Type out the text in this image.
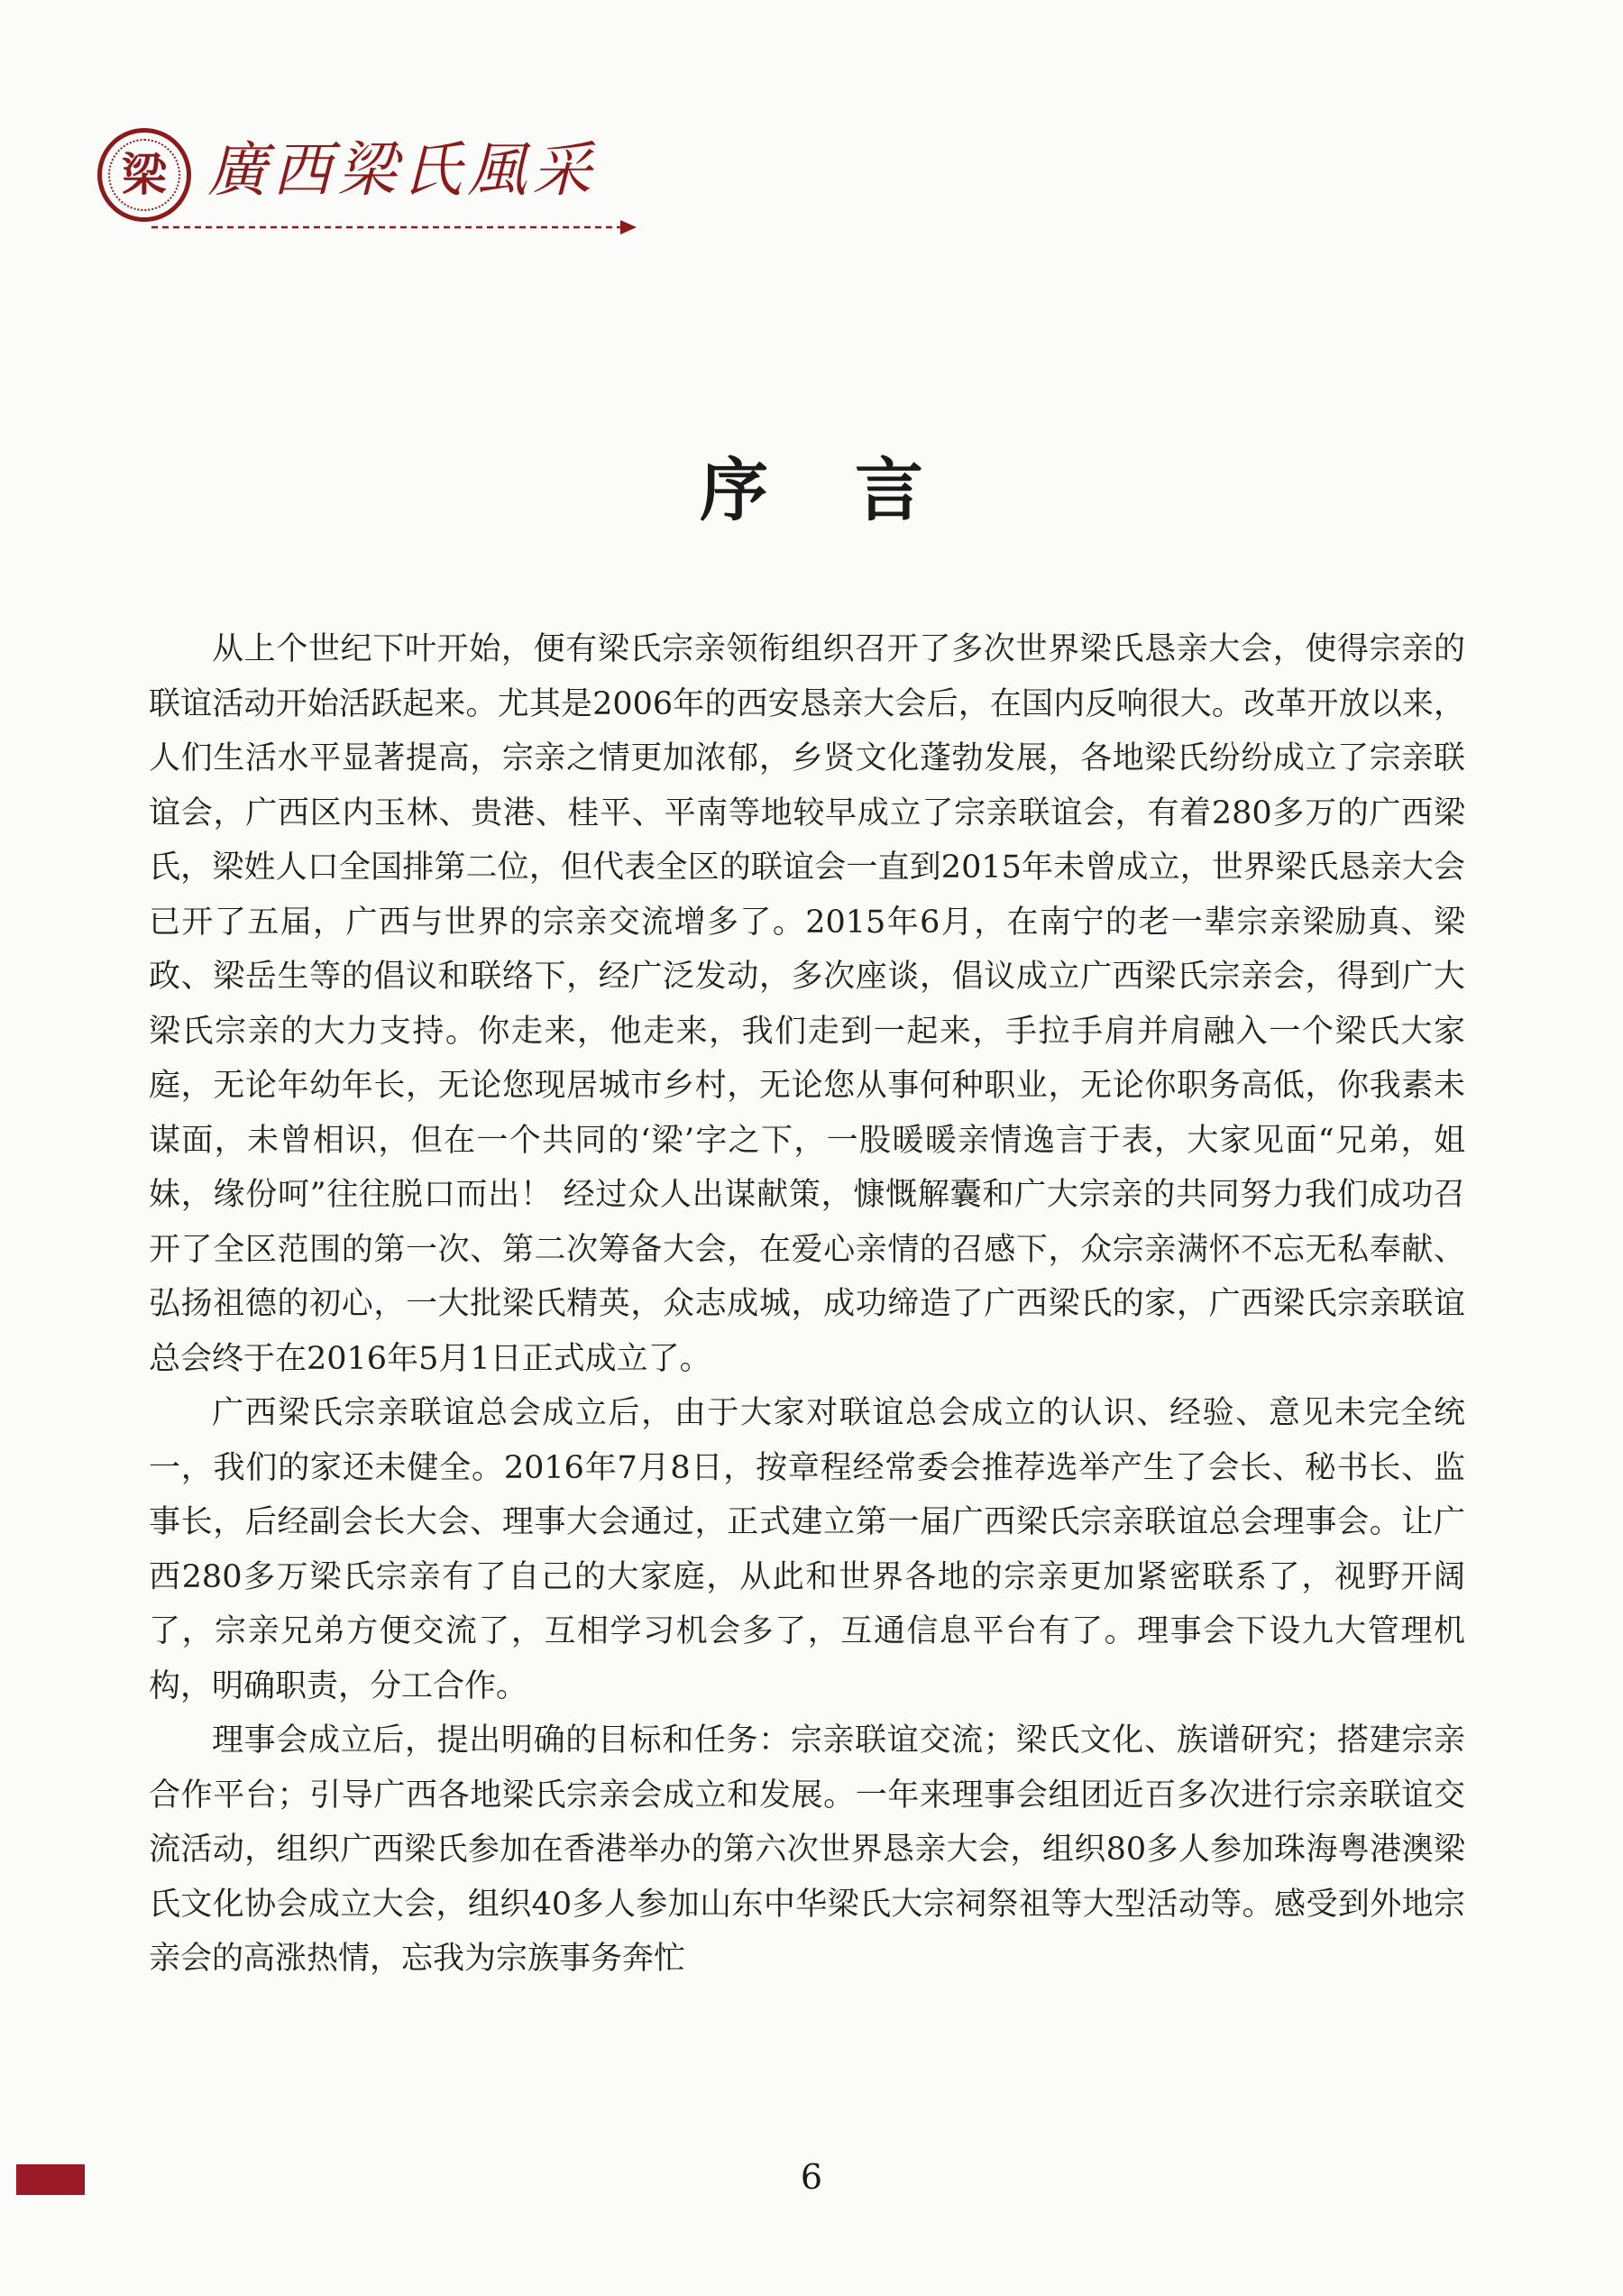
梁 廣西梁氏風采
序 言

从上个世纪下叶开始，便有梁氏宗亲领衔组织召开了多次世界梁氏恳亲大会，使得宗亲的联谊活动开始活跃起来。尤其是2006年的西安恳亲大会后，在国内反响很大。改革开放以来，人们生活水平显著提高，宗亲之情更加浓郁，乡贤文化蓬勃发展，各地梁氏纷纷成立了宗亲联谊会，广西区内玉林、贵港、桂平、平南等地较早成立了宗亲联谊会，有着280多万的广西梁氏，梁姓人口全国排第二位，但代表全区的联谊会一直到2015年未曾成立，世界梁氏恳亲大会已开了五届，广西与世界的宗亲交流增多了。2015年6月，在南宁的老一辈宗亲梁励真、梁政、梁岳生等的倡议和联络下，经广泛发动，多次座谈，倡议成立广西梁氏宗亲会，得到广大梁氏宗亲的大力支持。你走来，他走来，我们走到一起来，手拉手肩并肩融入一个梁氏大家庭，无论年幼年长，无论您现居城市乡村，无论您从事何种职业，无论你职务高低，你我素未谋面，未曾相识，但在一个共同的‘梁’字之下，一股暖暖亲情逸言于表，大家见面“兄弟，姐妹，缘份呵”往往脱口而出！ 经过众人出谋献策，慷慨解囊和广大宗亲的共同努力我们成功召开了全区范围的第一次、第二次筹备大会，在爱心亲情的召感下，众宗亲满怀不忘无私奉献、弘扬祖德的初心，一大批梁氏精英，众志成城，成功缔造了广西梁氏的家，广西梁氏宗亲联谊总会终于在2016年5月1日正式成立了。

广西梁氏宗亲联谊总会成立后，由于大家对联谊总会成立的认识、经验、意见未完全统一，我们的家还未健全。2016年7月8日，按章程经常委会推荐选举产生了会长、秘书长、监事长，后经副会长大会、理事大会通过，正式建立第一届广西梁氏宗亲联谊总会理事会。让广西280多万梁氏宗亲有了自己的大家庭，从此和世界各地的宗亲更加紧密联系了，视野开阔了，宗亲兄弟方便交流了，互相学习机会多了，互通信息平台有了。理事会下设九大管理机构，明确职责，分工合作。

理事会成立后，提出明确的目标和任务：宗亲联谊交流；梁氏文化、族谱研究；搭建宗亲合作平台；引导广西各地梁氏宗亲会成立和发展。一年来理事会组团近百多次进行宗亲联谊交流活动，组织广西梁氏参加在香港举办的第六次世界恳亲大会，组织80多人参加珠海粤港澳梁氏文化协会成立大会，组织40多人参加山东中华梁氏大宗祠祭祖等大型活动等。感受到外地宗亲会的高涨热情，忘我为宗族事务奔忙

6
